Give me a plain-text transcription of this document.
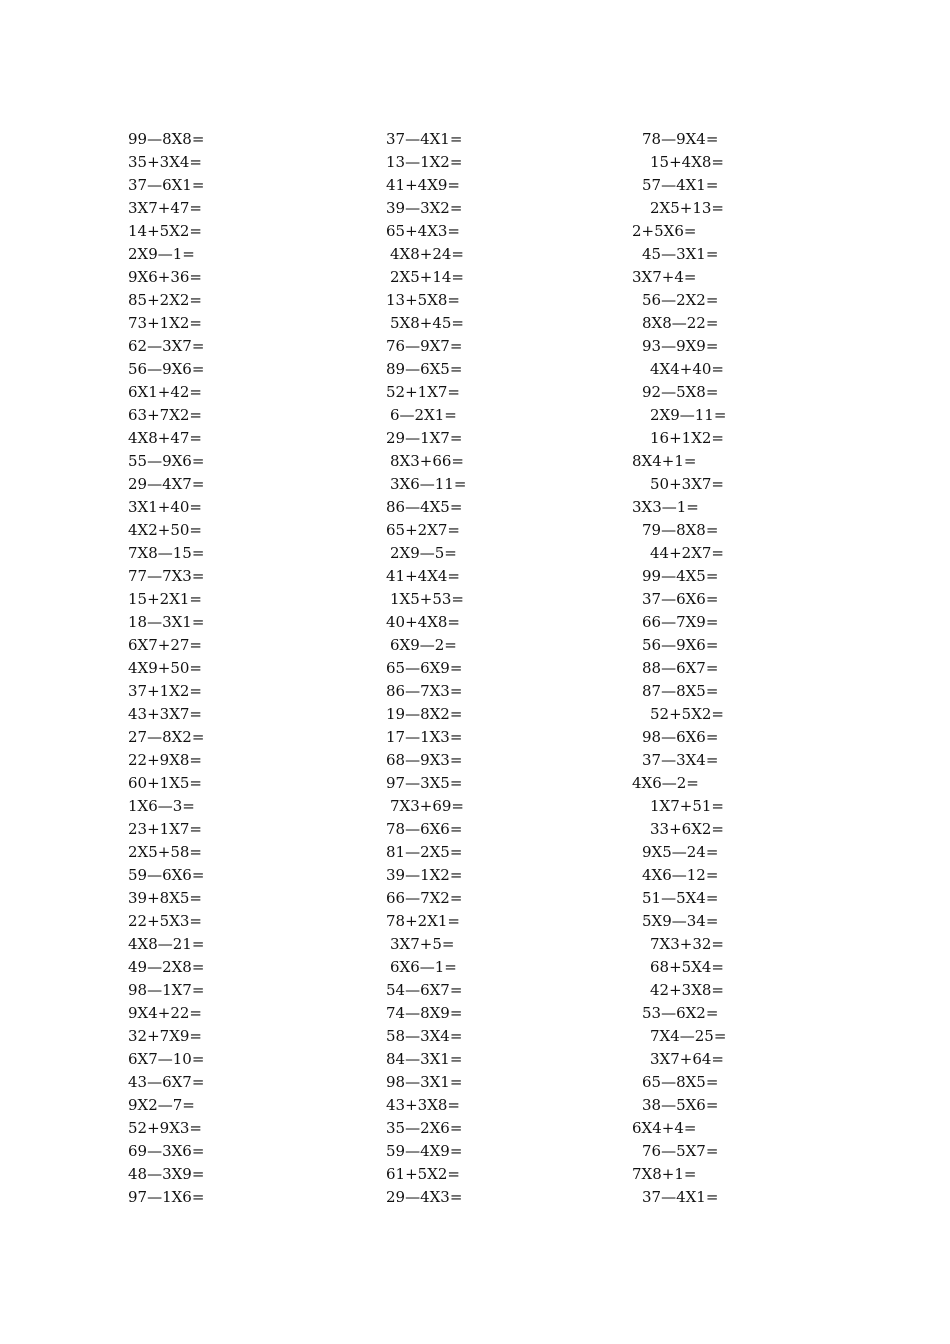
99—8X8=	37—4X1=	78—9X4=
35+3X4=	13—1X2=	15+4X8=
37—6X1=	41+4X9=	57—4X1=
3X7+47=	39—3X2=	2X5+13=
14+5X2=	65+4X3=	2+5X6=
2X9—1=	4X8+24=	45—3X1=
9X6+36=	2X5+14=	3X7+4=
85+2X2=	13+5X8=	56—2X2=
73+1X2=	5X8+45=	8X8—22=
62—3X7=	76—9X7=	93—9X9=
56—9X6=	89—6X5=	4X4+40=
6X1+42=	52+1X7=	92—5X8=
63+7X2=	6—2X1=	2X9—11=
4X8+47=	29—1X7=	16+1X2=
55—9X6=	8X3+66=	8X4+1=
29—4X7=	3X6—11=	50+3X7=
3X1+40=	86—4X5=	3X3—1=
4X2+50=	65+2X7=	79—8X8=
7X8—15=	2X9—5=	44+2X7=
77—7X3=	41+4X4=	99—4X5=
15+2X1=	1X5+53=	37—6X6=
18—3X1=	40+4X8=	66—7X9=
6X7+27=	6X9—2=	56—9X6=
4X9+50=	65—6X9=	88—6X7=
37+1X2=	86—7X3=	87—8X5=
43+3X7=	19—8X2=	52+5X2=
27—8X2=	17—1X3=	98—6X6=
22+9X8=	68—9X3=	37—3X4=
60+1X5=	97—3X5=	4X6—2=
1X6—3=	7X3+69=	1X7+51=
23+1X7=	78—6X6=	33+6X2=
2X5+58=	81—2X5=	9X5—24=
59—6X6=	39—1X2=	4X6—12=
39+8X5=	66—7X2=	51—5X4=
22+5X3=	78+2X1=	5X9—34=
4X8—21=	3X7+5=	7X3+32=
49—2X8=	6X6—1=	68+5X4=
98—1X7=	54—6X7=	42+3X8=
9X4+22=	74—8X9=	53—6X2=
32+7X9=	58—3X4=	7X4—25=
6X7—10=	84—3X1=	3X7+64=
43—6X7=	98—3X1=	65—8X5=
9X2—7=	43+3X8=	38—5X6=
52+9X3=	35—2X6=	6X4+4=
69—3X6=	59—4X9=	76—5X7=
48—3X9=	61+5X2=	7X8+1=
97—1X6=	29—4X3=	37—4X1=
